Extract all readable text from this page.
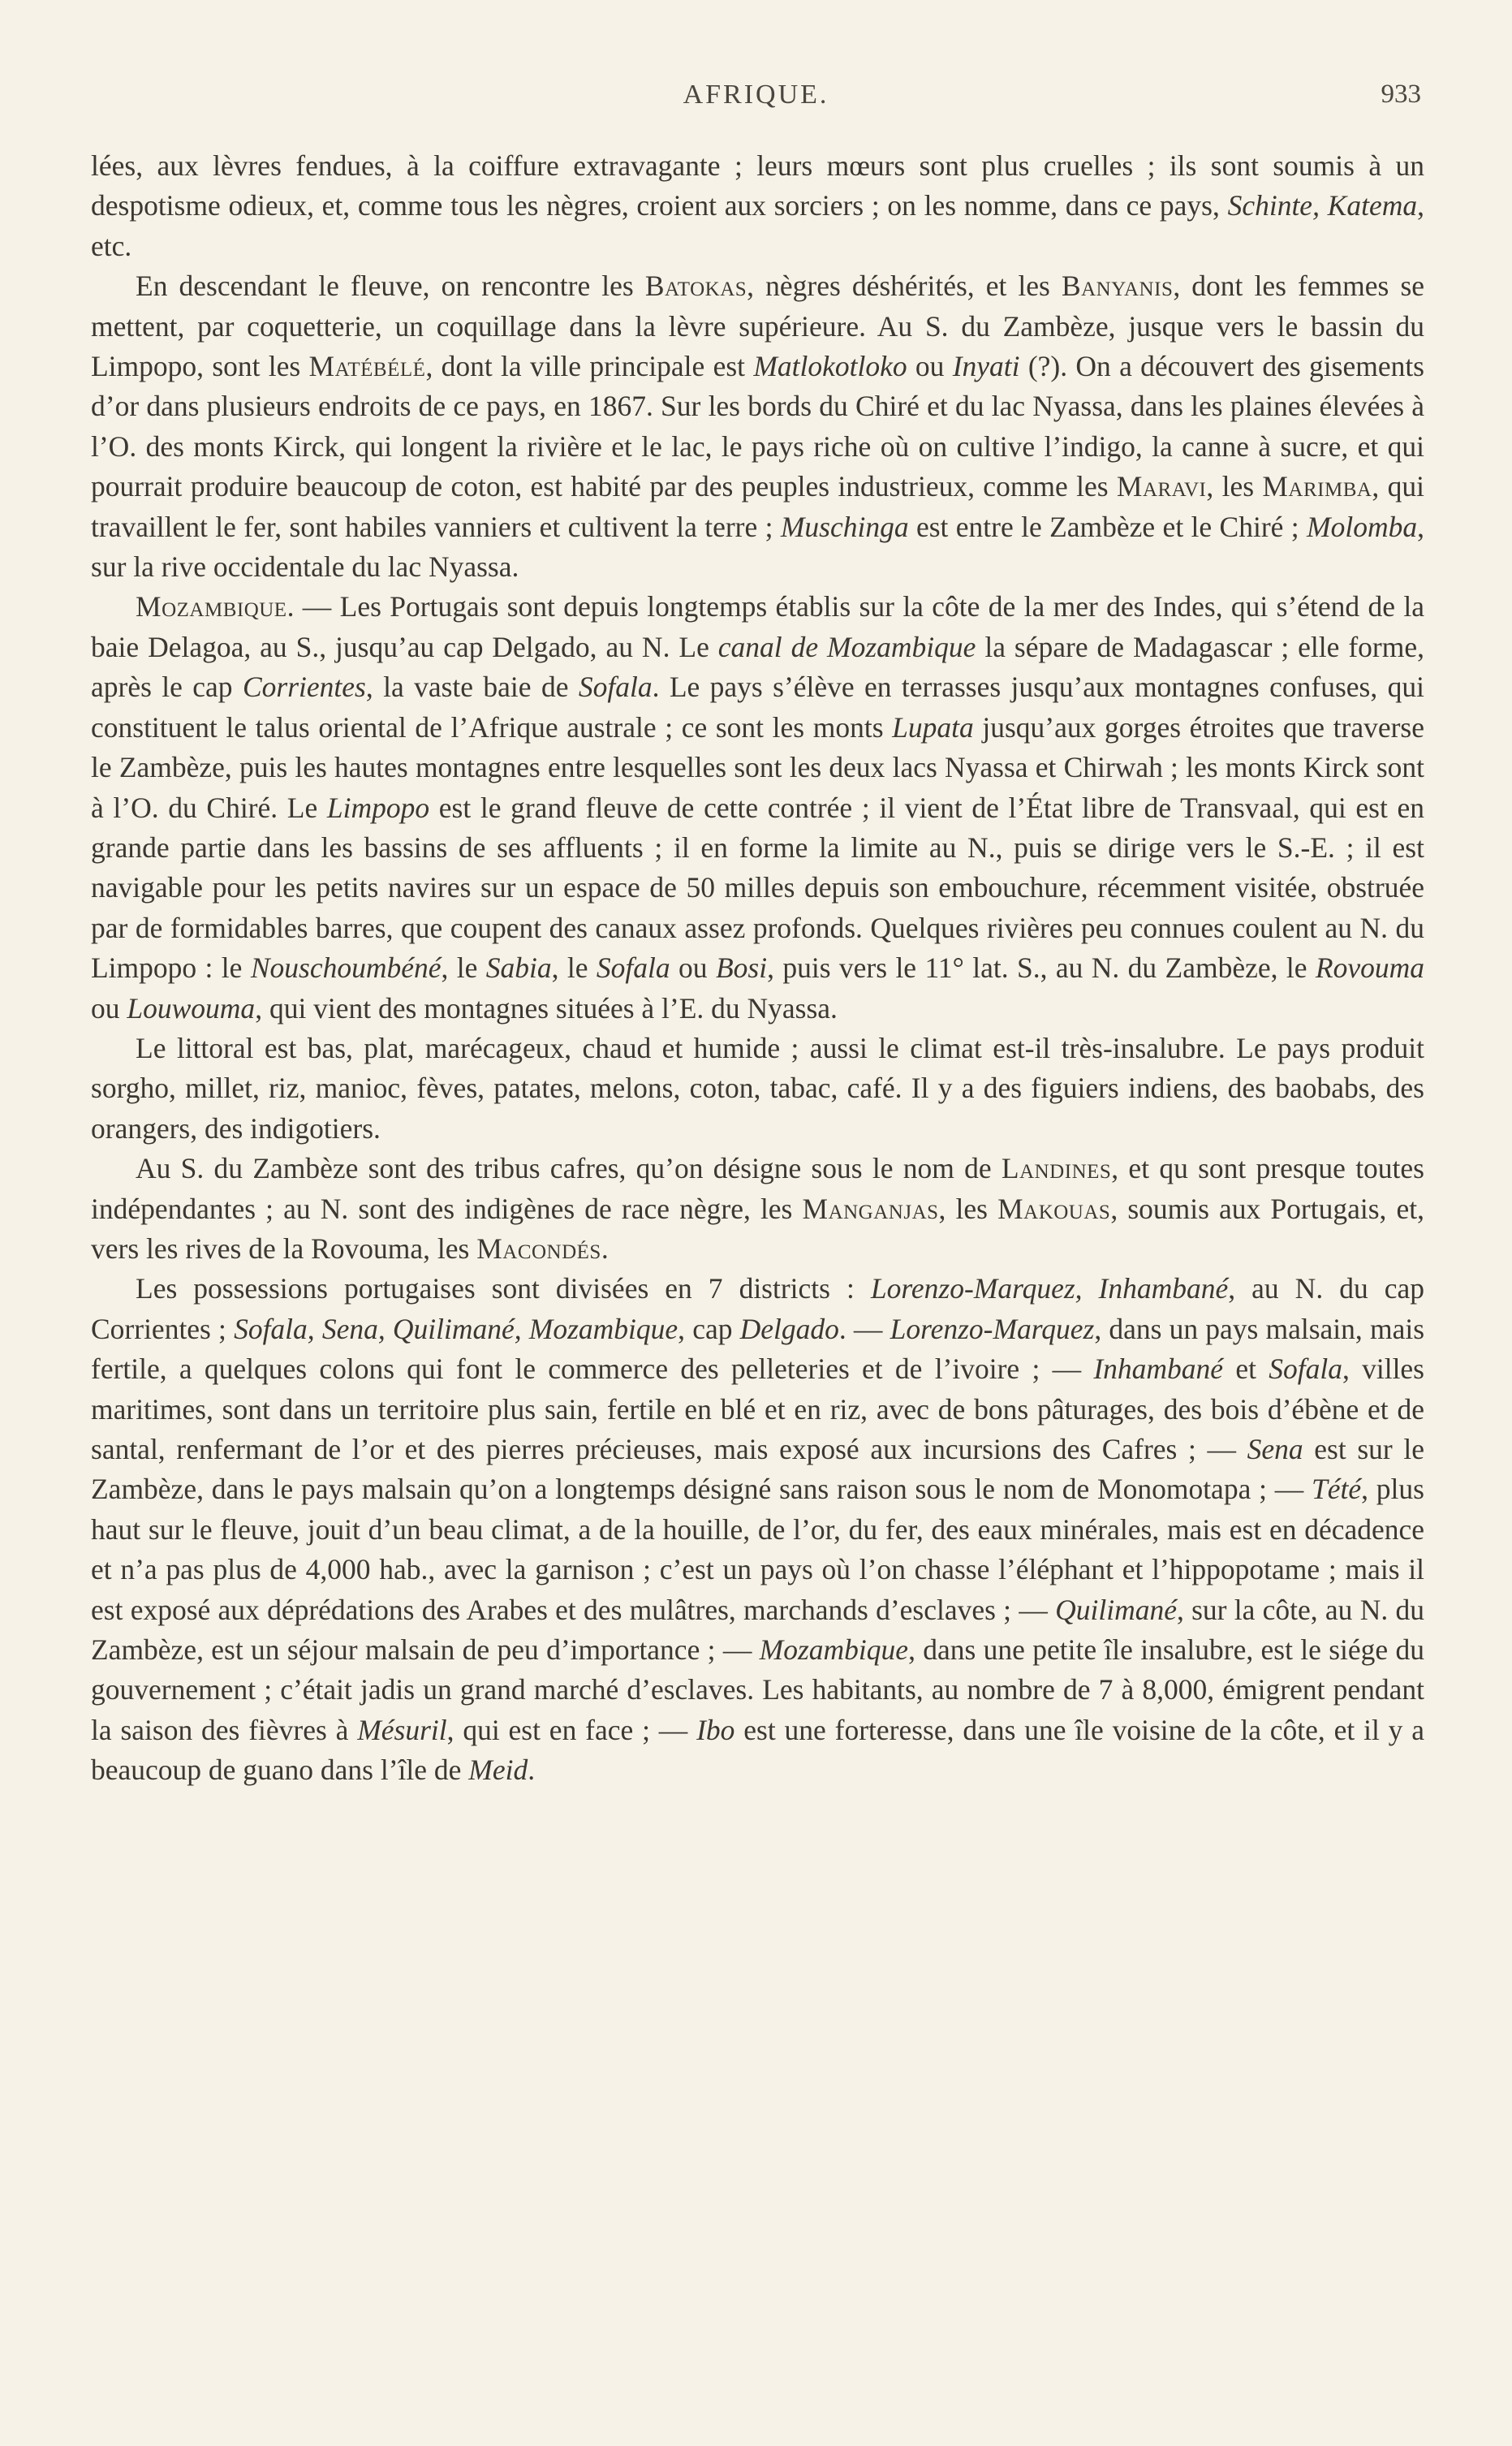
AFRIQUE.	933

lées, aux lèvres fendues, à la coiffure extravagante ; leurs mœurs sont plus cruelles ; ils sont soumis à un despotisme odieux, et, comme tous les nègres, croient aux sorciers ; on les nomme, dans ce pays, Schinte, Katema, etc.

En descendant le fleuve, on rencontre les Batokas, nègres déshérités, et les Banyanis, dont les femmes se mettent, par coquetterie, un coquillage dans la lèvre supérieure. Au S. du Zambèze, jusque vers le bassin du Limpopo, sont les Matébélé, dont la ville principale est Matlokotloko ou Inyati (?). On a découvert des gisements d’or dans plusieurs endroits de ce pays, en 1867. Sur les bords du Chiré et du lac Nyassa, dans les plaines élevées à l’O. des monts Kirck, qui longent la rivière et le lac, le pays riche où on cultive l’indigo, la canne à sucre, et qui pourrait produire beaucoup de coton, est habité par des peuples industrieux, comme les Maravi, les Marimba, qui travaillent le fer, sont habiles vanniers et cultivent la terre ; Muschinga est entre le Zambèze et le Chiré ; Molomba, sur la rive occidentale du lac Nyassa.

Mozambique. — Les Portugais sont depuis longtemps établis sur la côte de la mer des Indes, qui s’étend de la baie Delagoa, au S., jusqu’au cap Delgado, au N. Le canal de Mozambique la sépare de Madagascar ; elle forme, après le cap Corrientes, la vaste baie de Sofala. Le pays s’élève en terrasses jusqu’aux montagnes confuses, qui constituent le talus oriental de l’Afrique australe ; ce sont les monts Lupata jusqu’aux gorges étroites que traverse le Zambèze, puis les hautes montagnes entre lesquelles sont les deux lacs Nyassa et Chirwah ; les monts Kirck sont à l’O. du Chiré. Le Limpopo est le grand fleuve de cette contrée ; il vient de l’État libre de Transvaal, qui est en grande partie dans les bassins de ses affluents ; il en forme la limite au N., puis se dirige vers le S.-E. ; il est navigable pour les petits navires sur un espace de 50 milles depuis son embouchure, récemment visitée, obstruée par de formidables barres, que coupent des canaux assez profonds. Quelques rivières peu connues coulent au N. du Limpopo : le Nouschoumbéné, le Sabia, le Sofala ou Bosi, puis vers le 11° lat. S., au N. du Zambèze, le Rovouma ou Louwouma, qui vient des montagnes situées à l’E. du Nyassa.

Le littoral est bas, plat, marécageux, chaud et humide ; aussi le climat est-il très-insalubre. Le pays produit sorgho, millet, riz, manioc, fèves, patates, melons, coton, tabac, café. Il y a des figuiers indiens, des baobabs, des orangers, des indigotiers.

Au S. du Zambèze sont des tribus cafres, qu’on désigne sous le nom de Landines, et qu sont presque toutes indépendantes ; au N. sont des indigènes de race nègre, les Manganjas, les Makouas, soumis aux Portugais, et, vers les rives de la Rovouma, les Macondés.

Les possessions portugaises sont divisées en 7 districts : Lorenzo-Marquez, Inhambané, au N. du cap Corrientes ; Sofala, Sena, Quilimané, Mozambique, cap Delgado. — Lorenzo-Marquez, dans un pays malsain, mais fertile, a quelques colons qui font le commerce des pelleteries et de l’ivoire ; — Inhambané et Sofala, villes maritimes, sont dans un territoire plus sain, fertile en blé et en riz, avec de bons pâturages, des bois d’ébène et de santal, renfermant de l’or et des pierres précieuses, mais exposé aux incursions des Cafres ; — Sena est sur le Zambèze, dans le pays malsain qu’on a longtemps désigné sans raison sous le nom de Monomotapa ; — Tété, plus haut sur le fleuve, jouit d’un beau climat, a de la houille, de l’or, du fer, des eaux minérales, mais est en décadence et n’a pas plus de 4,000 hab., avec la garnison ; c’est un pays où l’on chasse l’éléphant et l’hippopotame ; mais il est exposé aux déprédations des Arabes et des mulâtres, marchands d’esclaves ; — Quilimané, sur la côte, au N. du Zambèze, est un séjour malsain de peu d’importance ; — Mozambique, dans une petite île insalubre, est le siége du gouvernement ; c’était jadis un grand marché d’esclaves. Les habitants, au nombre de 7 à 8,000, émigrent pendant la saison des fièvres à Mésuril, qui est en face ; — Ibo est une forteresse, dans une île voisine de la côte, et il y a beaucoup de guano dans l’île de Meid.
